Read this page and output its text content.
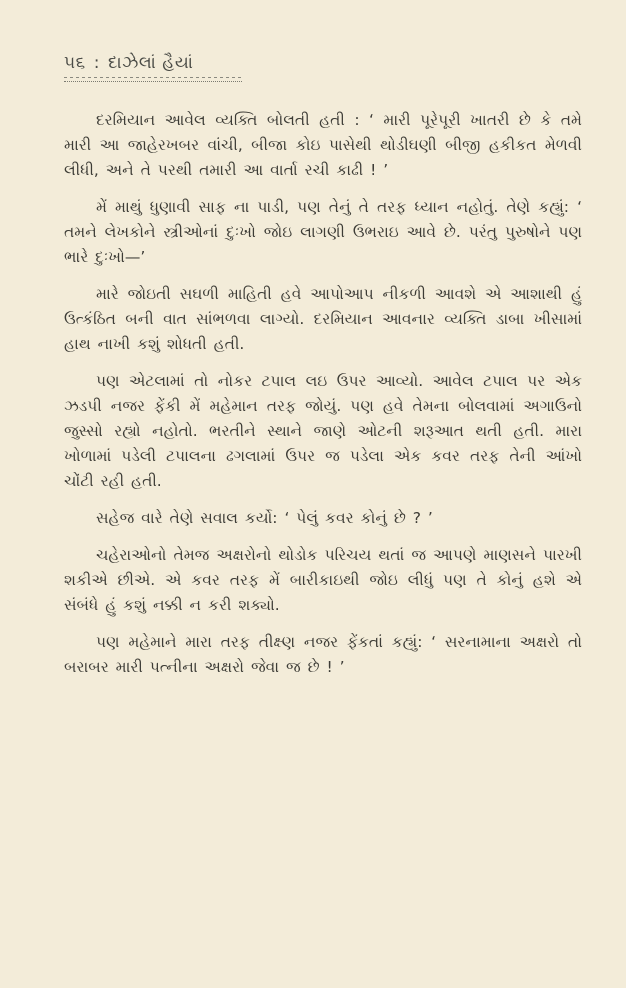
૫૬ : દાઝેલાં હૈયાં

દરમિયાન આવેલ વ્યક્તિ બોલતી હતી : ‘ મારી પૂરેપૂરી ખાતરી છે કે તમે મારી આ જાહેરખબર વાંચી, બીજા કોઇ પાસેથી થોડીઘણી બીજી હકીકત મેળવી લીધી, અને તે પરથી તમારી આ વાર્તા રચી કાઢી ! ’

મેં માથું ધુણાવી સાફ ના પાડી, પણ તેનું તે તરફ ધ્યાન નહોતું. તેણે કહ્યું: ‘ તમને લેખકોને સ્ત્રીઓનાં દુઃખો જોઇ લાગણી ઉભરાઇ આવે છે. પરંતુ પુરુષોને પણ ભારે દુઃખો—’

મારે જોઇતી સઘળી માહિતી હવે આપોઆપ નીકળી આવશે એ આશાથી હું ઉત્કંઠિત બની વાત સાંભળવા લાગ્યો. દરમિયાન આવનાર વ્યક્તિ ડાબા ખીસામાં હાથ નાખી કશું શોધતી હતી.

પણ એટલામાં તો નોકર ટપાલ લઇ ઉપર આવ્યો. આવેલ ટપાલ પર એક ઝડપી નજર ફેંકી મેં મહેમાન તરફ જોયું. પણ હવે તેમના બોલવામાં અગાઉનો જુસ્સો રહ્યો નહોતો. ભરતીને સ્થાને જાણે ઓટની શરૂઆત થતી હતી. મારા ખોળામાં પડેલી ટપાલના ઢગલામાં ઉપર જ પડેલા એક કવર તરફ તેની આંખો ચોંટી રહી હતી.

સહેજ વારે તેણે સવાલ કર્યો: ‘ પેલું કવર કોનું છે ? ’

ચહેરાઓનો તેમજ અક્ષરોનો થોડોક પરિચય થતાં જ આપણે માણસને પારખી શકીએ છીએ. એ કવર તરફ મેં બારીકાઇથી જોઇ લીધું પણ તે કોનું હશે એ સંબંધે હું કશું નક્કી ન કરી શક્યો.

પણ મહેમાને મારા તરફ તીક્ષ્ણ નજર ફેંકતાં કહ્યું: ‘ સરનામાના અક્ષરો તો બરાબર મારી પત્નીના અક્ષરો જેવા જ છે ! ’
